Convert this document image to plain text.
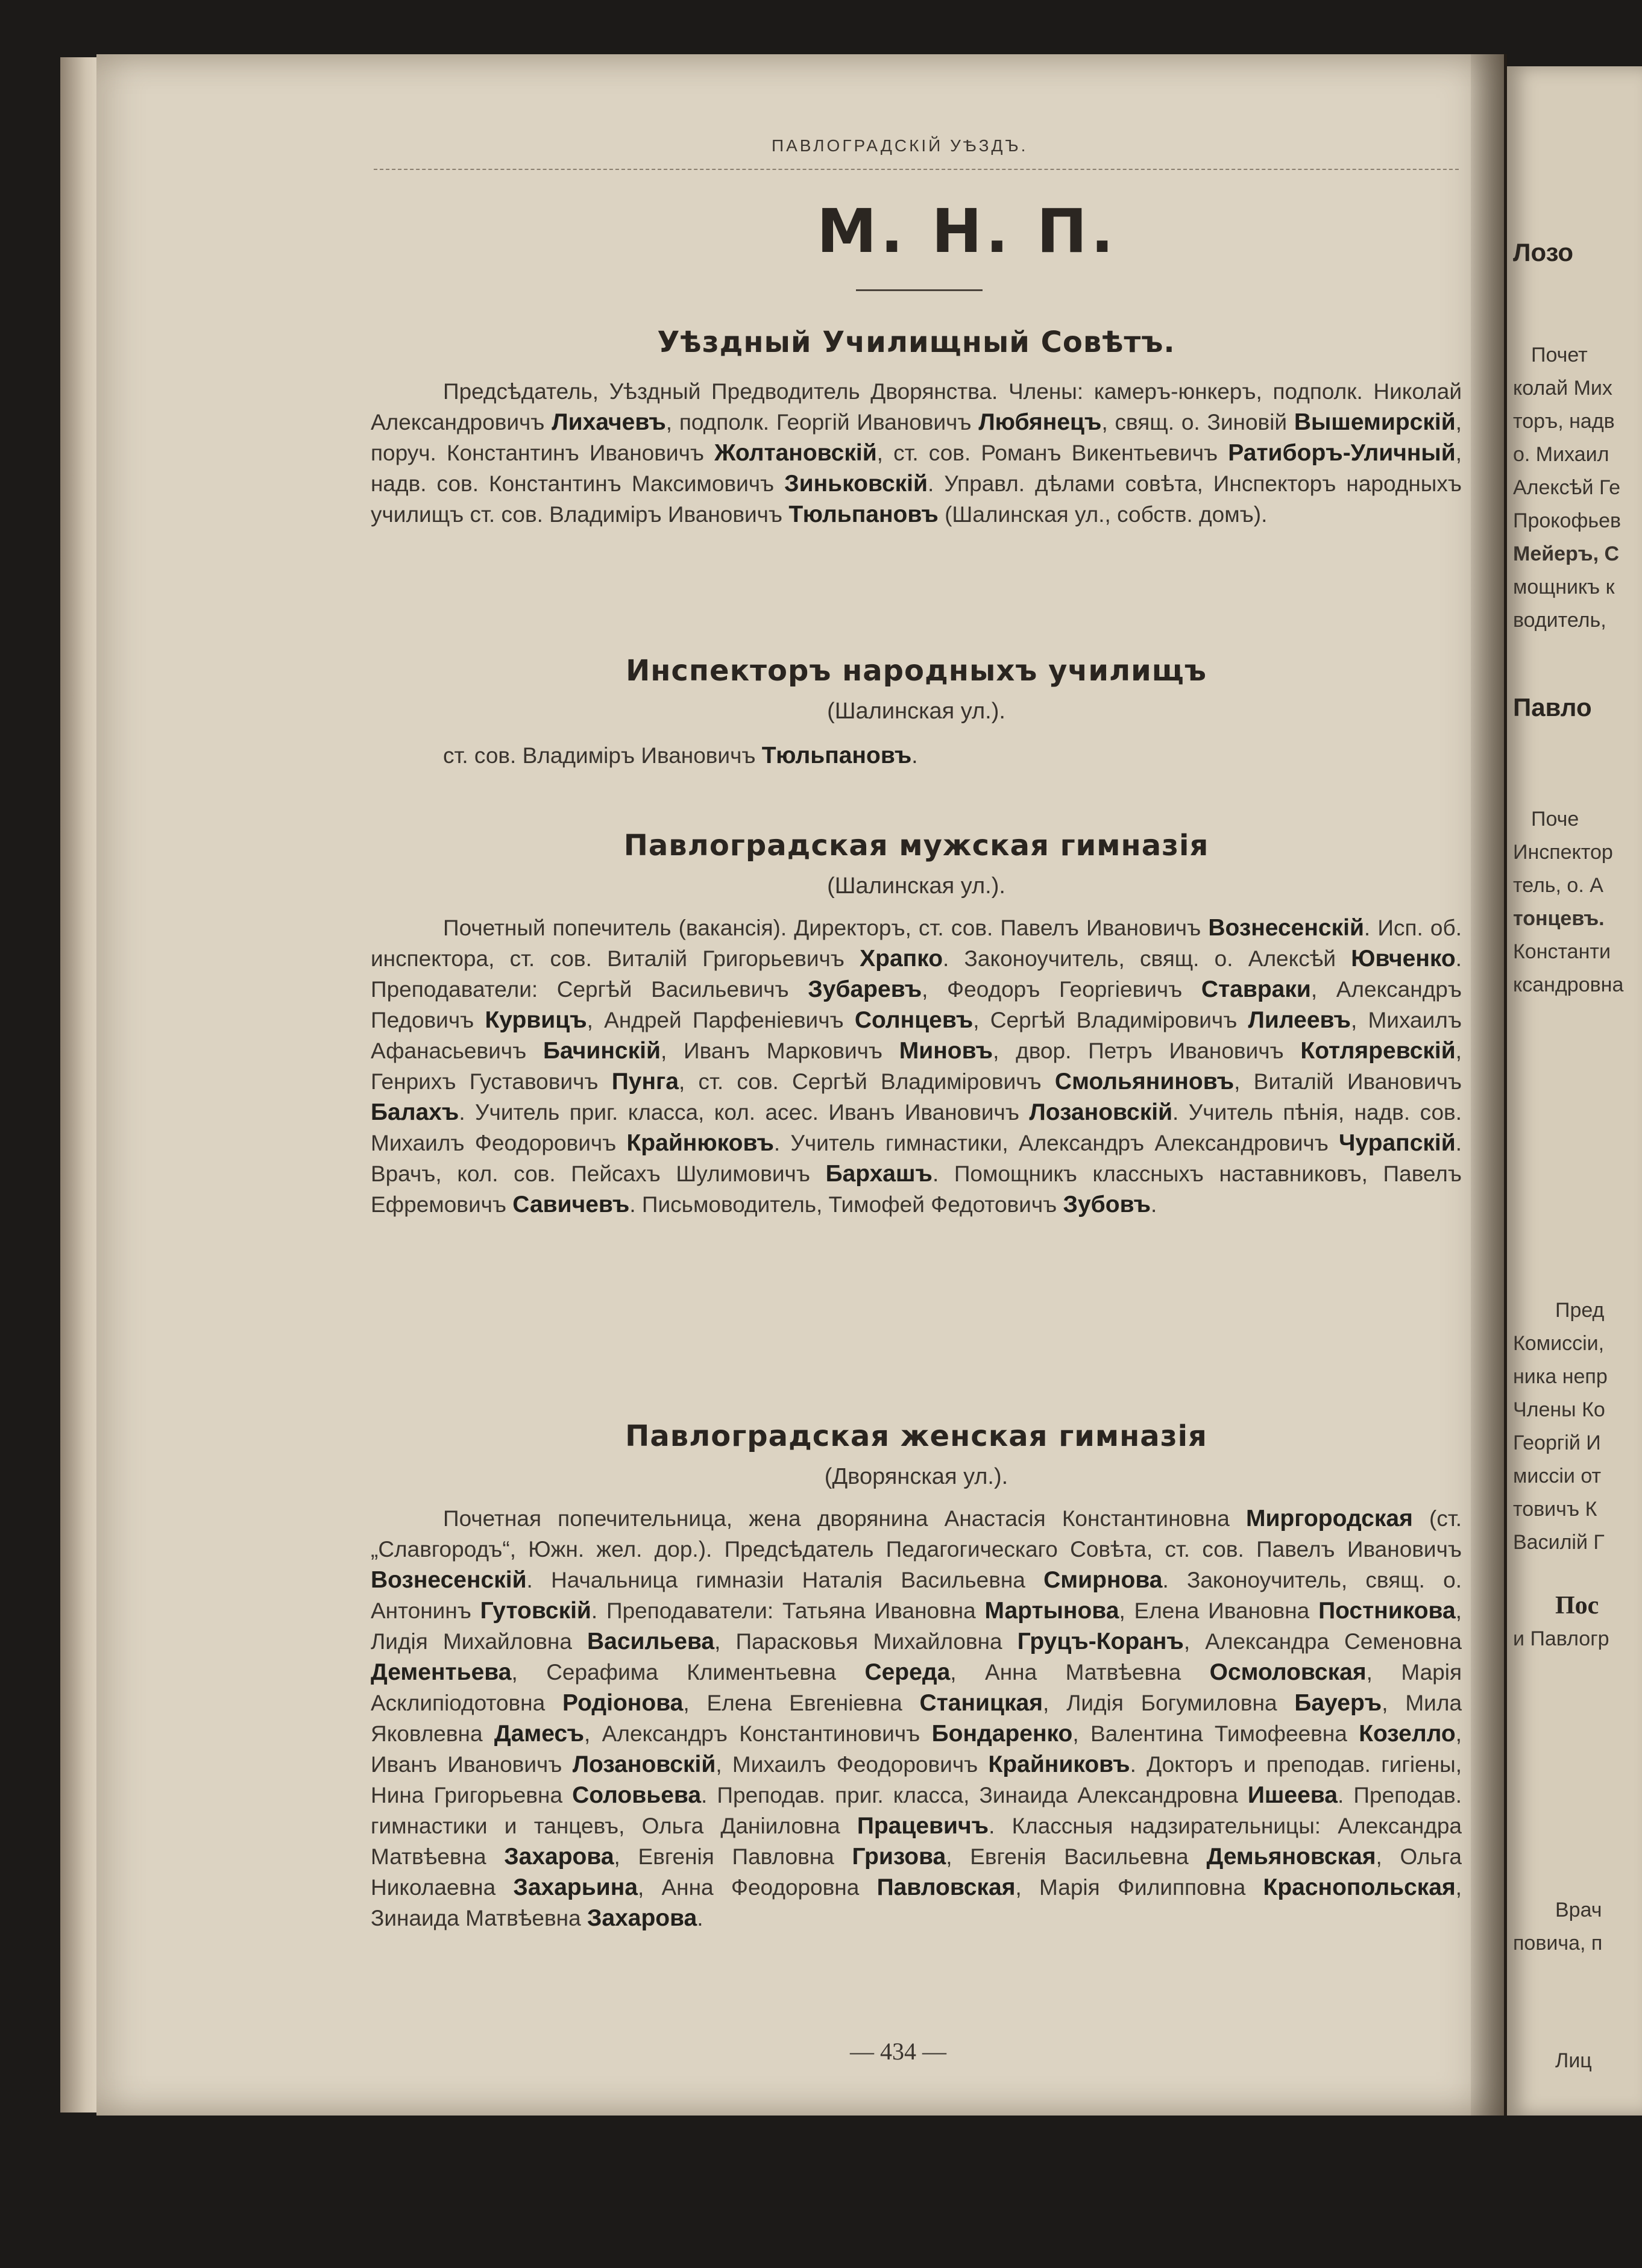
ПАВЛОГРАДСКIЙ УѢЗДЪ.
М. Н. П.
Уѣздный Училищный Совѣтъ.

Предсѣдатель, Уѣздный Предводитель Дворянства. Члены: камеръ-юнкеръ, подполк. Николай Александровичъ Лихачевъ, подполк. Георгiй Ивановичъ Любянецъ, свящ. о. Зиновiй Вышемирскiй, поруч. Константинъ Ивановичъ Жолтановскiй, ст. сов. Романъ Викентьевичъ Ратиборъ-Уличный, надв. сов. Константинъ Максимовичъ Зиньковскiй. Управл. дѣлами совѣта, Инспекторъ народныхъ училищъ ст. сов. Владимiръ Ивановичъ Тюльпановъ (Шалинская ул., собств. домъ).

Инспекторъ народныхъ училищъ

(Шалинская ул.).

ст. сов. Владимiръ Ивановичъ Тюльпановъ.

Павлоградская мужская гимназiя

(Шалинская ул.).

Почетный попечитель (вакансiя). Директоръ, ст. сов. Павелъ Ивановичъ Вознесенскiй. Исп. об. инспектора, ст. сов. Виталiй Григорьевичъ Храпко. Законоучитель, свящ. о. Алексѣй Ювченко. Преподаватели: Сергѣй Васильевичъ Зубаревъ, Феодоръ Георгiевичъ Ставраки, Александръ Педовичъ Курвицъ, Андрей Парфенiевичъ Солнцевъ, Сергѣй Владимiровичъ Лилеевъ, Михаилъ Афанасьевичъ Бачинскiй, Иванъ Марковичъ Миновъ, двор. Петръ Ивановичъ Котляревскiй, Генрихъ Густавовичъ Пунга, ст. сов. Сергѣй Владимiровичъ Смольяниновъ, Виталiй Ивановичъ Балахъ. Учитель приг. класса, кол. асес. Иванъ Ивановичъ Лозановскiй. Учитель пѣнiя, надв. сов. Михаилъ Феодоровичъ Крайнюковъ. Учитель гимнастики, Александръ Александровичъ Чурапскiй. Врачъ, кол. сов. Пейсахъ Шулимовичъ Бархашъ. Помощникъ классныхъ наставниковъ, Павелъ Ефремовичъ Савичевъ. Письмоводитель, Тимофей Федотовичъ Зубовъ.

Павлоградская женская гимназiя

(Дворянская ул.).

Почетная попечительница, жена дворянина Анастасiя Константиновна Миргородская (ст. „Славгородъ“, Южн. жел. дор.). Предсѣдатель Педагогическаго Совѣта, ст. сов. Павелъ Ивановичъ Вознесенскiй. Начальница гимназiи Наталiя Васильевна Смирнова. Законоучитель, свящ. о. Антонинъ Гутовскiй. Преподаватели: Татьяна Ивановна Мартынова, Елена Ивановна Постникова, Лидiя Михайловна Васильева, Парасковья Михайловна Груцъ-Коранъ, Александра Семеновна Дементьева, Серафима Климентьевна Середа, Анна Матвѣевна Осмоловская, Марiя Асклипiодотовна Родiонова, Елена Евгенiевна Станицкая, Лидiя Богумиловна Бауеръ, Мила Яковлевна Дамесъ, Александръ Константиновичъ Бондаренко, Валентина Тимофеевна Козелло, Иванъ Ивановичъ Лозановскiй, Михаилъ Феодоровичъ Крайниковъ. Докторъ и преподав. гигiены, Нина Григорьевна Соловьева. Преподав. приг. класса, Зинаида Александровна Ишеева. Преподав. гимнастики и танцевъ, Ольга Данiиловна Працевичъ. Классныя надзирательницы: Александра Матвѣевна Захарова, Евгенiя Павловна Гризова, Евгенiя Васильевна Демьяновская, Ольга Николаевна Захарьина, Анна Феодоровна Павловская, Марiя Филипповна Краснопольская, Зинаида Матвѣевна Захарова.

— 434 —
Лозо
Почет
колай Мих
торъ, надв
о. Михаил
Алексѣй Ге
Прокофьев
Мейеръ, С
мощникъ к
водитель,
Павло
Поче
Инспектор
тель, о. А
тонцевъ.
Константи
ксандровна
Пред
Комиссiи,
ника непр
Члены Ко
Георгiй И
миссiи от
товичъ К
Василiй Г
Пос
и Павлогр
Врач
повича, п
Лиц
